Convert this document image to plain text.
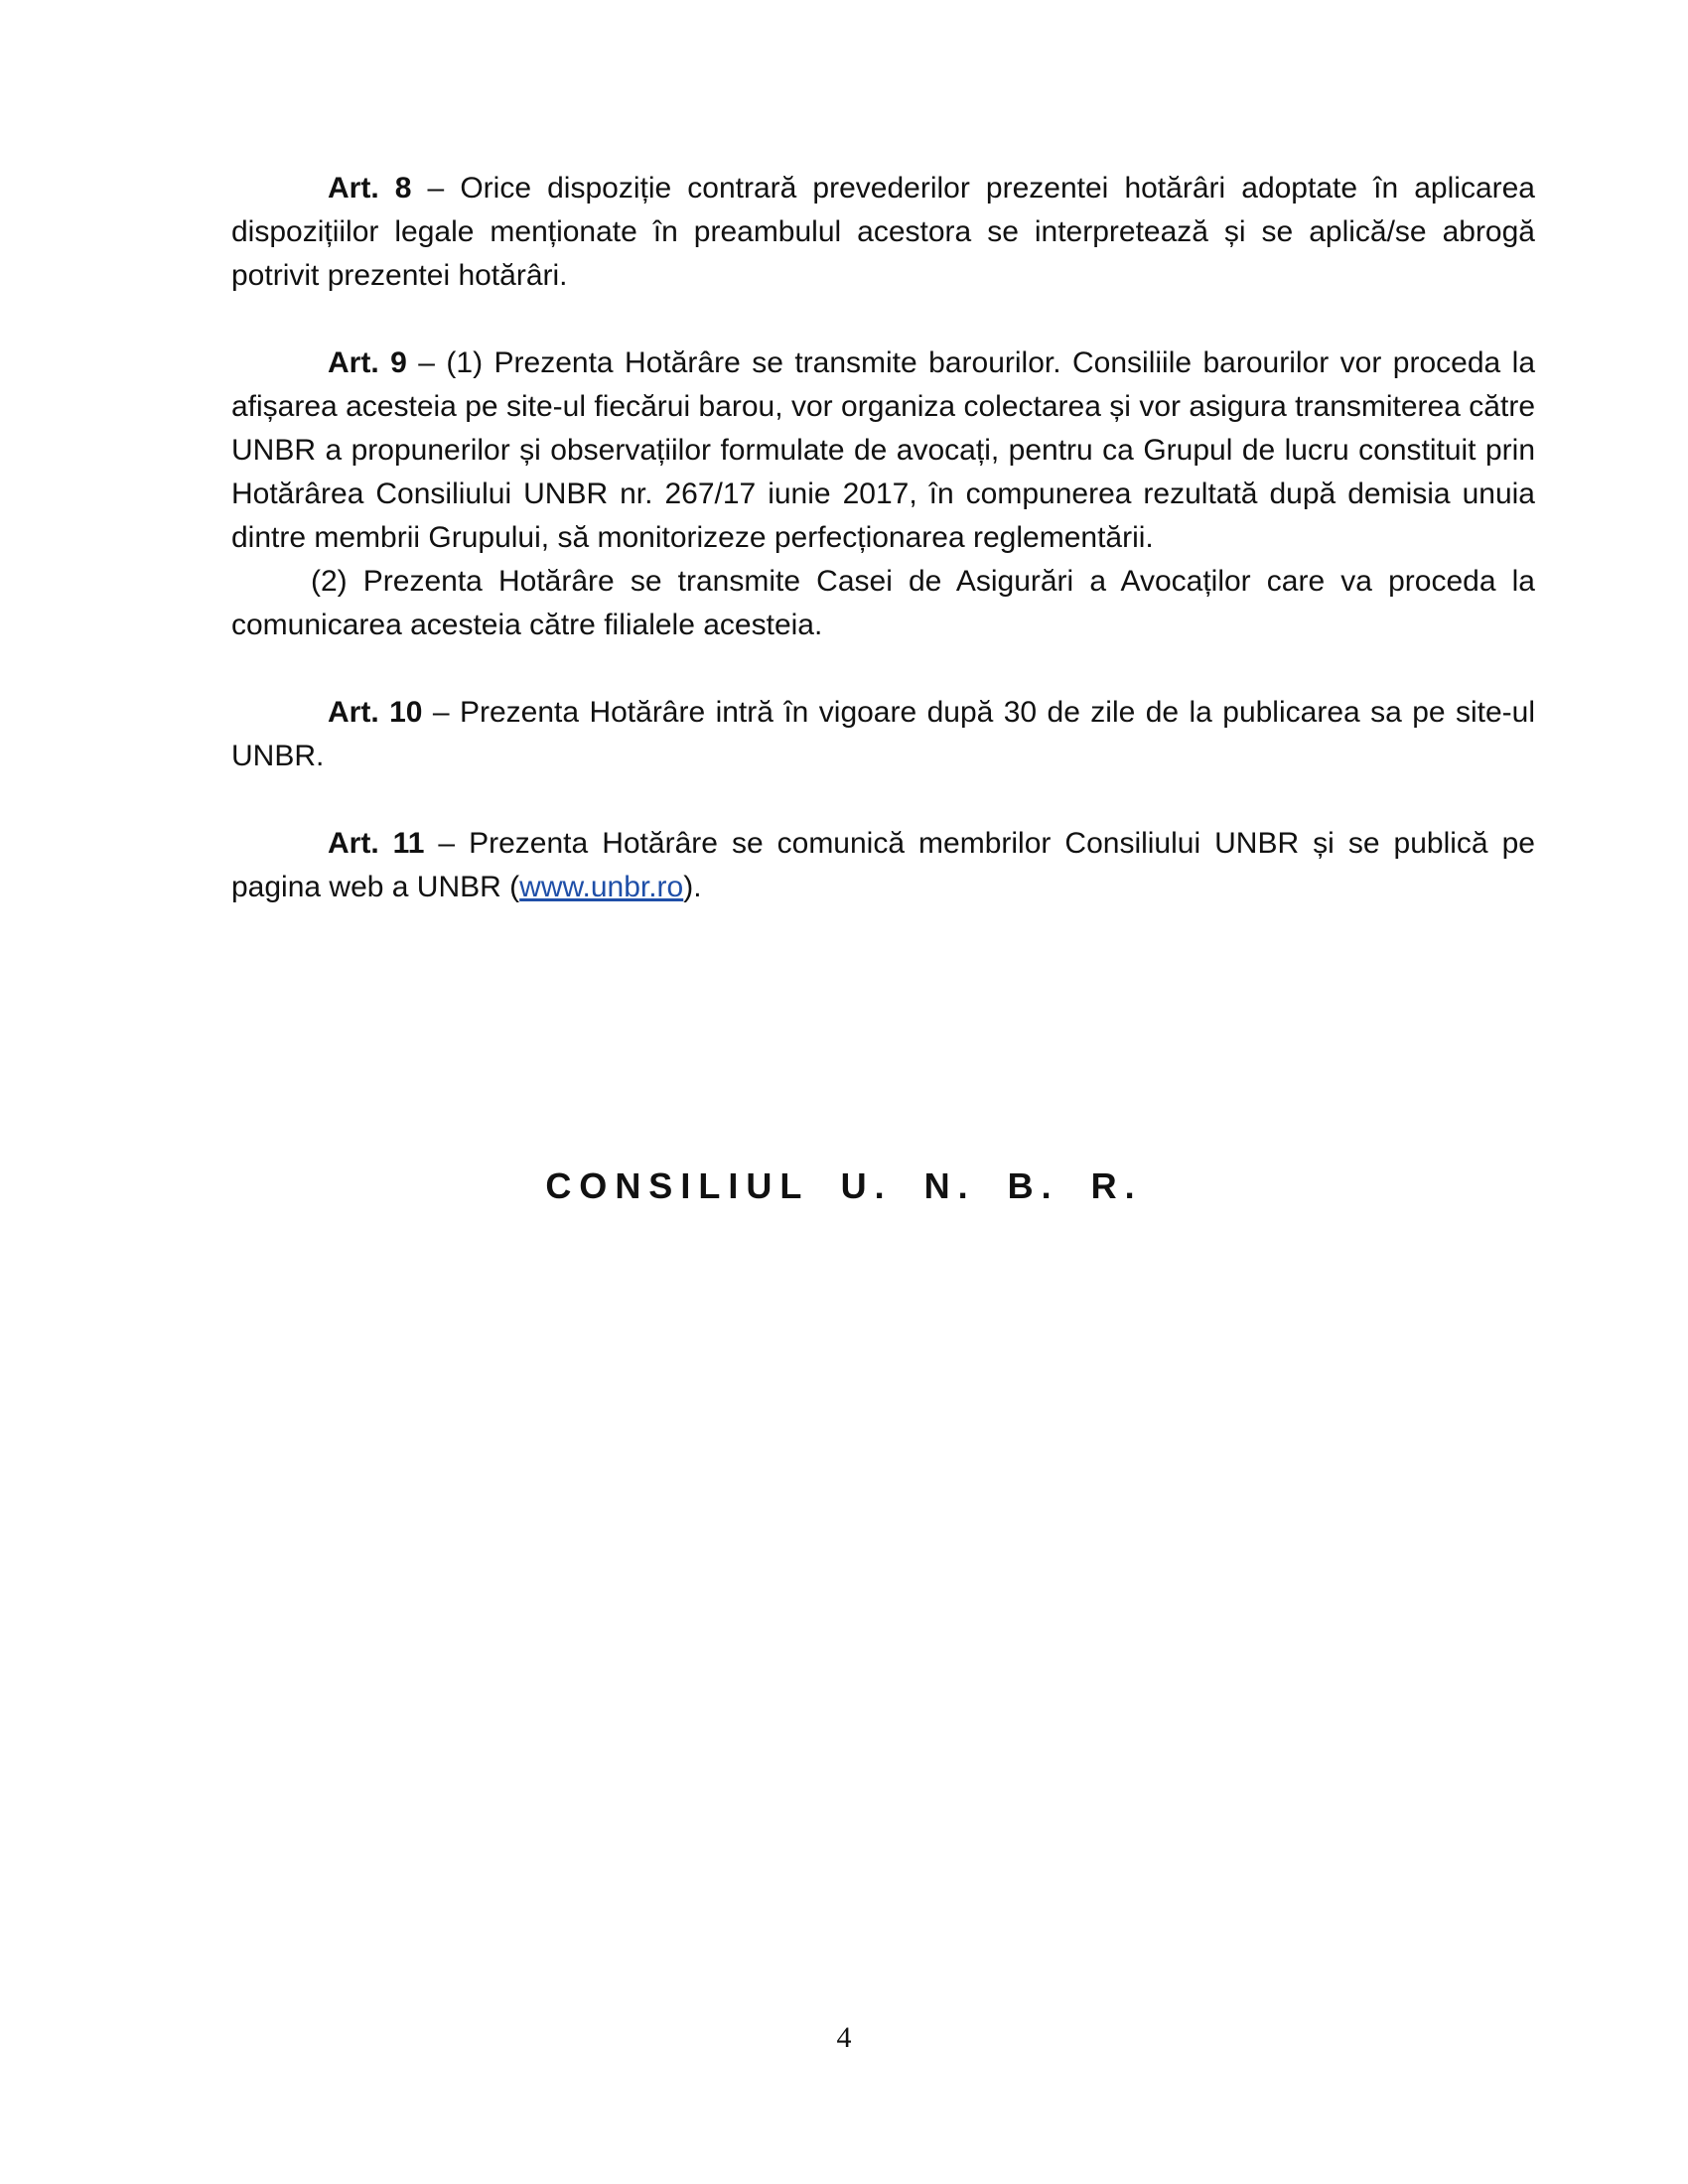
Art. 8 – Orice dispoziție contrară prevederilor prezentei hotărâri adoptate în aplicarea dispozițiilor legale menționate în preambulul acestora se interpretează și se aplică/se abrogă potrivit prezentei hotărâri.

Art. 9 – (1) Prezenta Hotărâre se transmite barourilor. Consiliile barourilor vor proceda la afișarea acesteia pe site-ul fiecărui barou, vor organiza colectarea și vor asigura transmiterea către UNBR a propunerilor și observațiilor formulate de avocați, pentru ca Grupul de lucru constituit prin Hotărârea Consiliului UNBR nr. 267/17 iunie 2017, în compunerea rezultată după demisia unuia dintre membrii Grupului, să monitorizeze perfecționarea reglementării.

(2) Prezenta Hotărâre se transmite Casei de Asigurări a Avocaților care va proceda la comunicarea acesteia către filialele acesteia.

Art. 10 – Prezenta Hotărâre intră în vigoare după 30 de zile de la publicarea sa pe site-ul UNBR.

Art. 11 – Prezenta Hotărâre se comunică membrilor Consiliului UNBR și se publică pe pagina web a UNBR (www.unbr.ro).

CONSILIUL U. N. B. R.
4
